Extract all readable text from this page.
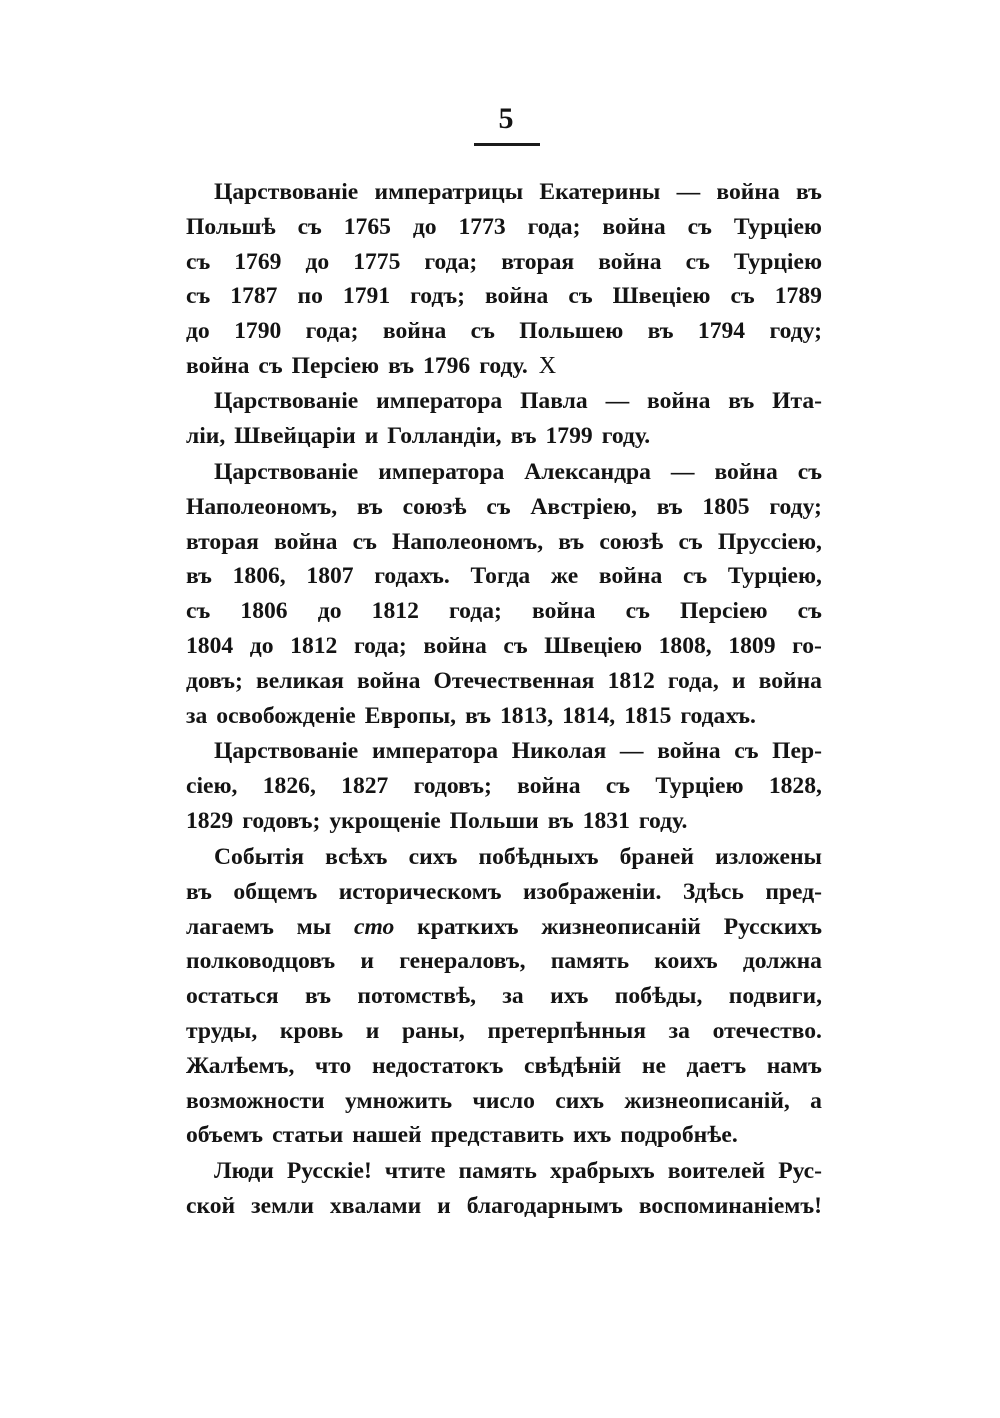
5
Царствованіе императрицы Екатерины — война въ
Польшѣ съ 1765 до 1773 года; война съ Турціею
съ 1769 до 1775 года; вторая война съ Турціею
съ 1787 по 1791 годъ; война съ Швеціею съ 1789
до 1790 года; война съ Польшею въ 1794 году;
война съ Персіею въ 1796 году. X
Царствованіе императора Павла — война въ Ита-
ліи, Швейцаріи и Голландіи, въ 1799 году.
Царствованіе императора Александра — война съ
Наполеономъ, въ союзѣ съ Австріею, въ 1805 году;
вторая война съ Наполеономъ, въ союзѣ съ Пруссіею,
въ 1806, 1807 годахъ. Тогда же война съ Турціею,
съ 1806 до 1812 года; война съ Персіею съ
1804 до 1812 года; война съ Швеціею 1808, 1809 го-
довъ; великая война Отечественная 1812 года, и война
за освобожденіе Европы, въ 1813, 1814, 1815 годахъ.
Царствованіе императора Николая — война съ Пер-
сіею, 1826, 1827 годовъ; война съ Турціею 1828,
1829 годовъ; укрощеніе Польши въ 1831 году.
Событія всѣхъ сихъ побѣдныхъ браней изложены
въ общемъ историческомъ изображеніи. Здѣсь пред-
лагаемъ мы сто краткихъ жизнеописаній Русскихъ
полководцовъ и генераловъ, память коихъ должна
остаться въ потомствѣ, за ихъ побѣды, подвиги,
труды, кровь и раны, претерпѣнныя за отечество.
Жалѣемъ, что недостатокъ свѣдѣній не даетъ намъ
возможности умножить число сихъ жизнеописаній, а
объемъ статьи нашей представить ихъ подробнѣе.
Люди Русскіе! чтите память храбрыхъ воителей Рус-
ской земли хвалами и благодарнымъ воспоминаніемъ!
